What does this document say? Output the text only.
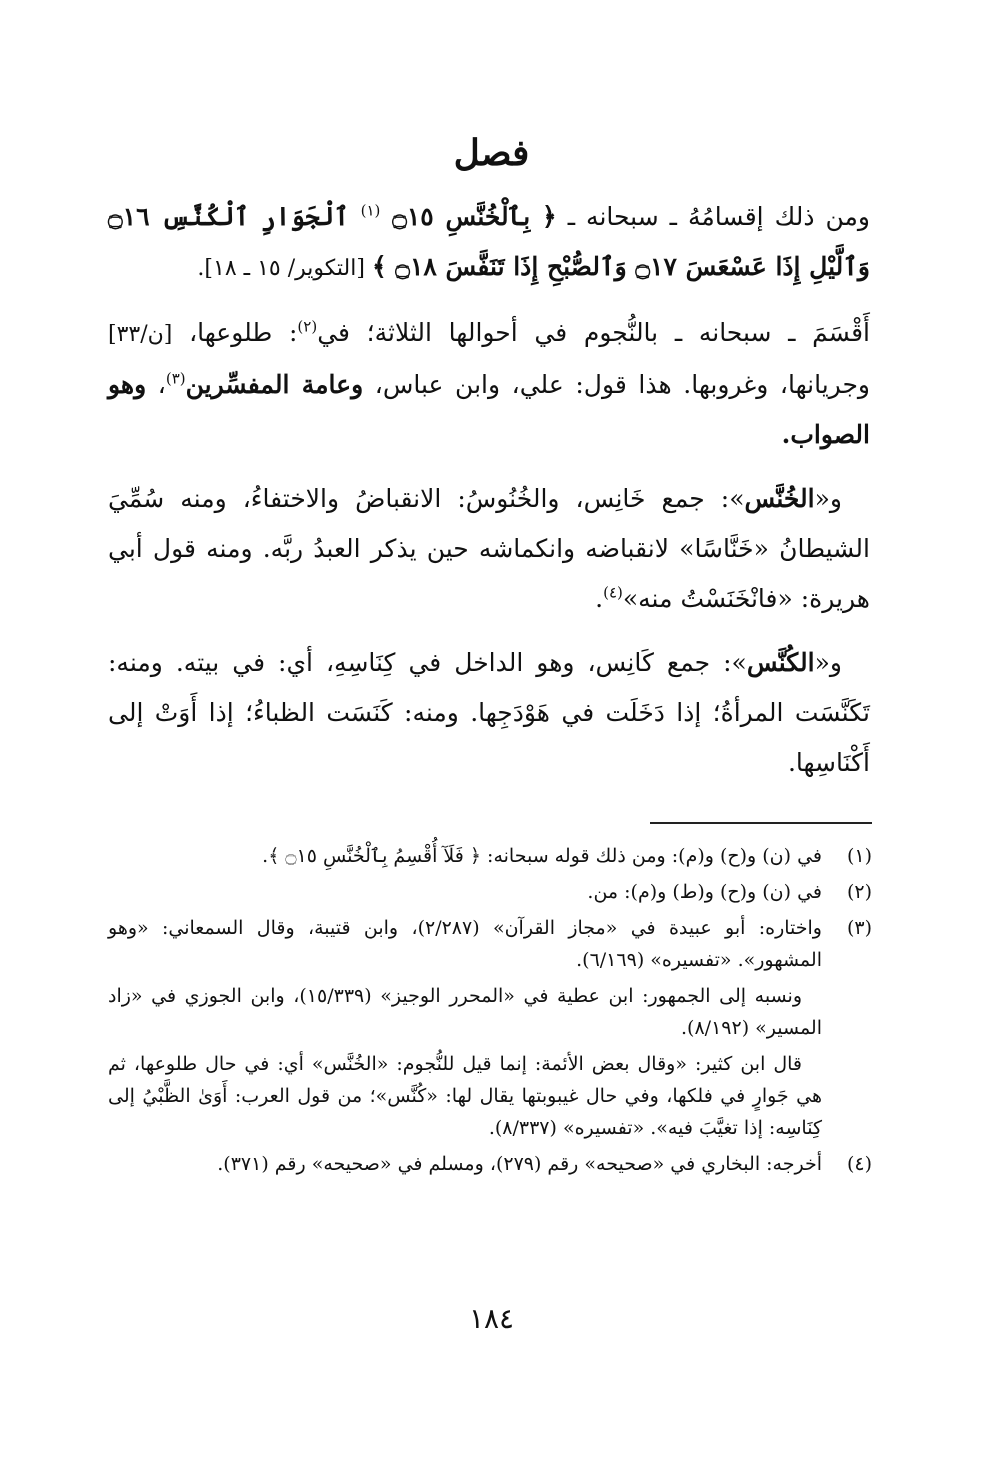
فصل

ومن ذلك إقسامُهُ ـ سبحانه ـ ﴿ بِٱلْخُنَّسِ ۝١٥ $^{(١)}$ ٱلْجَوَارِ ٱلْكُنَّسِ ۝١٦ وَٱلَّيْلِ إِذَا عَسْعَسَ ۝١٧ وَٱلصُّبْحِ إِذَا تَنَفَّسَ ۝١٨ ﴾ [التكوير/ ١٥ ـ ١٨].

أَقْسَمَ ـ سبحانه ـ بالنُّجوم في أحوالها الثلاثة؛ في$^{(٢)}$: طلوعها، [ن/٣٣] وجريانها، وغروبها. هذا قول: علي، وابن عباس، وعامة المفسِّرين$^{(٣)}$، وهو الصواب.

و«الخُنَّس»: جمع خَانِس، والخُنُوسُ: الانقباضُ والاختفاءُ، ومنه سُمِّيَ الشيطانُ «خَنَّاسًا» لانقباضه وانكماشه حين يذكر العبدُ ربَّه. ومنه قول أبي هريرة: «فانْخَنَسْتُ منه»$^{(٤)}$.

و«الكُنَّس»: جمع كَانِس، وهو الداخل في كِنَاسِهِ، أي: في بيته. ومنه: تَكَنَّسَت المرأةُ؛ إذا دَخَلَت في هَوْدَجِها. ومنه: كَنَسَت الظباءُ؛ إذا أَوَتْ إلى أَكْنَاسِها.

(١)
في (ن) و(ح) و(م): ومن ذلك قوله سبحانه: ﴿ فَلَآ أُقْسِمُ بِٱلْخُنَّسِ ۝١٥ ﴾.
(٢)
في (ن) و(ح) و(ط) و(م): من.
(٣)
واختاره: أبو عبيدة في «مجاز القرآن» (٢/٢٨٧)، وابن قتيبة، وقال السمعاني: «وهو المشهور». «تفسيره» (٦/١٦٩).
ونسبه إلى الجمهور: ابن عطية في «المحرر الوجيز» (١٥/٣٣٩)، وابن الجوزي في «زاد المسير» (٨/١٩٢).
قال ابن كثير: «وقال بعض الأئمة: إنما قيل للنُّجوم: «الخُنَّس» أي: في حال طلوعها، ثم هي جَوارٍ في فلكها، وفي حال غيبوبتها يقال لها: «كُنَّس»؛ من قول العرب: أَوَىٰ الظَّبْيُ إلى كِنَاسِه: إذا تغيَّبَ فيه». «تفسيره» (٨/٣٣٧).
(٤)
أخرجه: البخاري في «صحيحه» رقم (٢٧٩)، ومسلم في «صحيحه» رقم (٣٧١).
١٨٤
